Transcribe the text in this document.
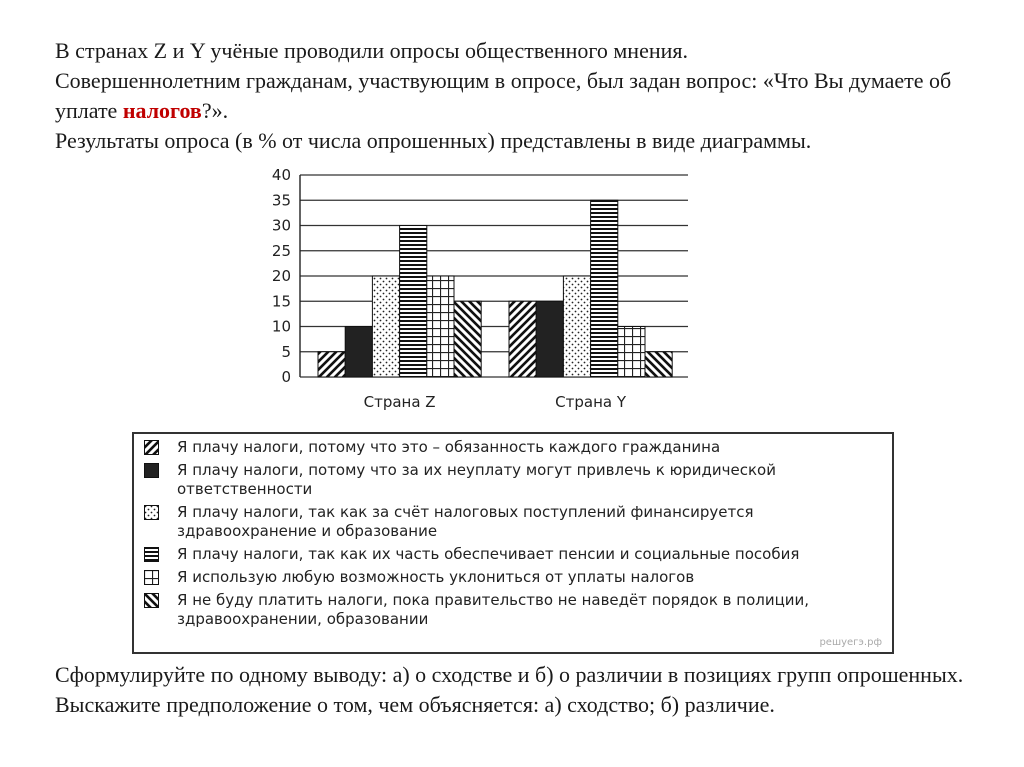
В странах Z и Y учёные проводили опросы общественного мнения.

Совершеннолетним гражданам, участвующим в опросе, был задан вопрос: «Что Вы думаете об уплате налогов?».

Результаты опроса (в % от числа опрошенных) представлены в виде диаграммы.

0
5
10
15
20
25
30
35
40
Страна Z	Страна Y
Я плачу налоги, потому что это – обязанность каждого гражданина
Я плачу налоги, потому что за их неуплату могут привлечь к юридической ответственности
Я плачу налоги, так как за счёт налоговых поступлений финансируется здравоохранение и образование
Я плачу налоги, так как их часть обеспечивает пенсии и социальные пособия
Я использую любую возможность уклониться от уплаты налогов
Я не буду платить налоги, пока правительство не наведёт порядок в полиции, здравоохранении, образовании
решуегэ.рф

Сформулируйте по одному выводу: а) о сходстве и б) о различии в позициях групп опрошенных. Выскажите предположение о том, чем объясняется: а) сходство; б) различие.
